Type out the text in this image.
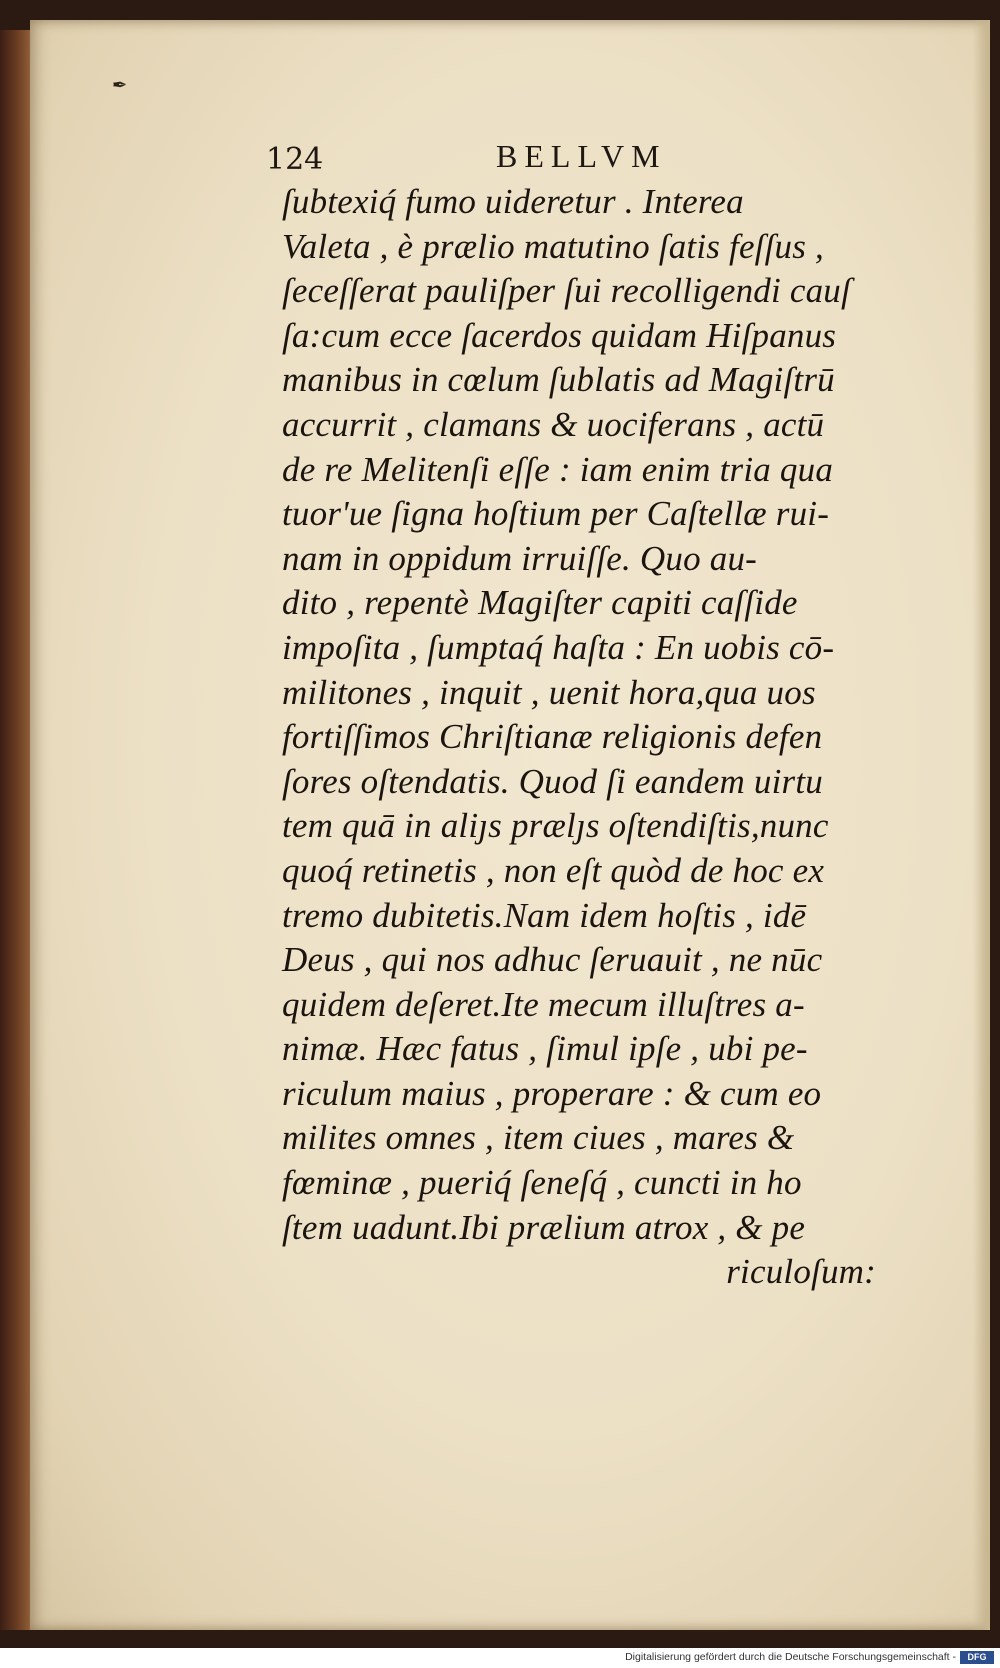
✒
124	BELLVM
ſubtexiq́ fumo uideretur . Interea
Valeta , è prælio matutino ſatis feſſus ,
ſeceſſerat pauliſper ſui recolligendi cauſ
ſa:cum ecce ſacerdos quidam Hiſpanus
manibus in cœlum ſublatis ad Magiſtrū
accurrit , clamans & uociferans , actū
de re Melitenſi eſſe : iam enim tria qua
tuor'ue ſigna hoſtium per Caſtellæ rui-
nam in oppidum irruiſſe. Quo au-
dito , repentè Magiſter capiti caſſide
impoſita , ſumptaq́ haſta : En uobis cō-
militones , inquit , uenit hora,qua uos
fortiſſimos Chriſtianæ religionis defen
ſores oſtendatis. Quod ſi eandem uirtu
tem quā in aliȷs prælȷs oſtendiſtis,nunc
quoq́ retinetis , non eſt quòd de hoc ex
tremo dubitetis.Nam idem hoſtis , idē
Deus , qui nos adhuc ſeruauit , ne nūc
quidem deſeret.Ite mecum illuſtres a-
nimæ. Hæc fatus , ſimul ipſe , ubi pe-
riculum maius , properare : & cum eo
milites omnes , item ciues , mares &
fœminæ , pueriq́ ſeneſq́ , cuncti in ho
ſtem uadunt.Ibi prælium atrox , & pe
riculoſum:
Digitalisierung gefördert durch die Deutsche Forschungsgemeinschaft -	DFG
